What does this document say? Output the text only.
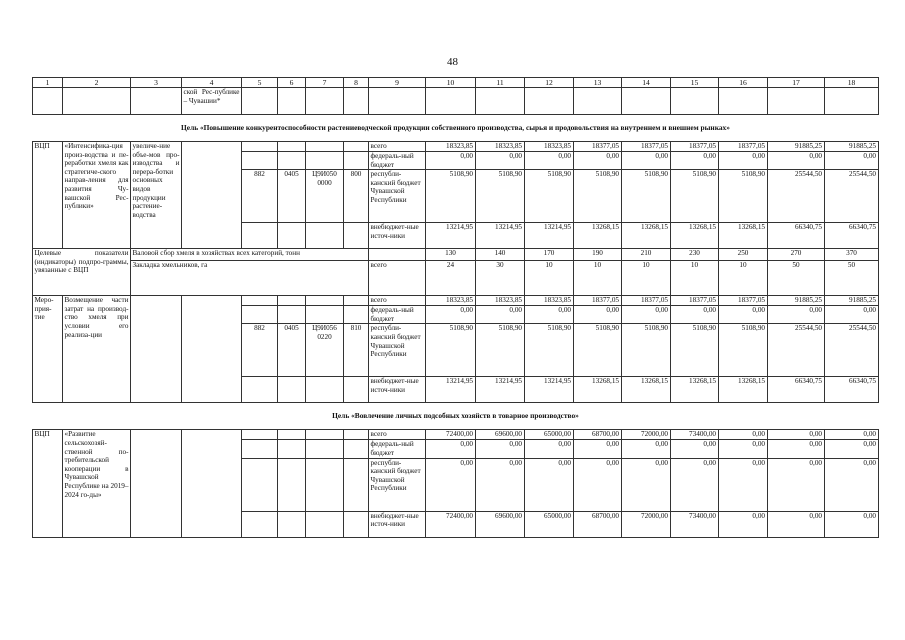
48
1	2	3	4	5	6	7	8	9	10	11	12	13	14	15	16	17	18
			ской Рес-публике – Чувашии*														
Цель «Повышение конкурентоспособности растениеводческой продукции собственного производства, сырья и продовольствия на внутреннем и внешнем рынках»																	
ВЦП	«Интенсифика-ция произ-водства и пе-реработки хмеля как стратегиче-ского направ-ления для развития Чу-вашской Рес-публики»	увеличе-ние объе-мов про-изводства и перера-ботки основных видов продукции растение-водства						всего	18323,85	18323,85	18323,85	18377,05	18377,05	18377,05	18377,05	91885,25	91885,25
								федераль-ный бюджет	0,00	0,00	0,00	0,00	0,00	0,00	0,00	0,00	0,00
				882	0405	Ц9И050 0000	800	республи-канский бюджет Чувашской Республики	5108,90	5108,90	5108,90	5108,90	5108,90	5108,90	5108,90	25544,50	25544,50
								внебюджет-ные источ-ники	13214,95	13214,95	13214,95	13268,15	13268,15	13268,15	13268,15	66340,75	66340,75
Целевые показатели (индикаторы) подпро-граммы, увязанные с ВЦП		Валовой сбор хмеля в хозяйствах всех категорий, тонн							130	140	170	190	210	230	250	270	370
		Закладка хмельников, га						всего	24	30	10	10	10	10	10	50	50
Меро-прия-тие	Возмещение части затрат на производ-ство хмеля при условии его реализа-ции							всего	18323,85	18323,85	18323,85	18377,05	18377,05	18377,05	18377,05	91885,25	91885,25
								федераль-ный бюджет	0,00	0,00	0,00	0,00	0,00	0,00	0,00	0,00	0,00
				882	0405	Ц9И056 0220	810	республи-канский бюджет Чувашской Республики	5108,90	5108,90	5108,90	5108,90	5108,90	5108,90	5108,90	25544,50	25544,50
								внебюджет-ные источ-ники	13214,95	13214,95	13214,95	13268,15	13268,15	13268,15	13268,15	66340,75	66340,75
Цель «Вовлечение личных подсобных хозяйств в товарное производство»																	
ВЦП	«Развитие сельскохозяй-ственной по-требительской кооперации в Чувашской Республике на 2019–2024 го-ды»							всего	72400,00	69600,00	65000,00	68700,00	72000,00	73400,00	0,00	0,00	0,00
								федераль-ный бюджет	0,00	0,00	0,00	0,00	0,00	0,00	0,00	0,00	0,00
								республи-канский бюджет Чувашской Республики	0,00	0,00	0,00	0,00	0,00	0,00	0,00	0,00	0,00
								внебюджет-ные источ-ники	72400,00	69600,00	65000,00	68700,00	72000,00	73400,00	0,00	0,00	0,00
